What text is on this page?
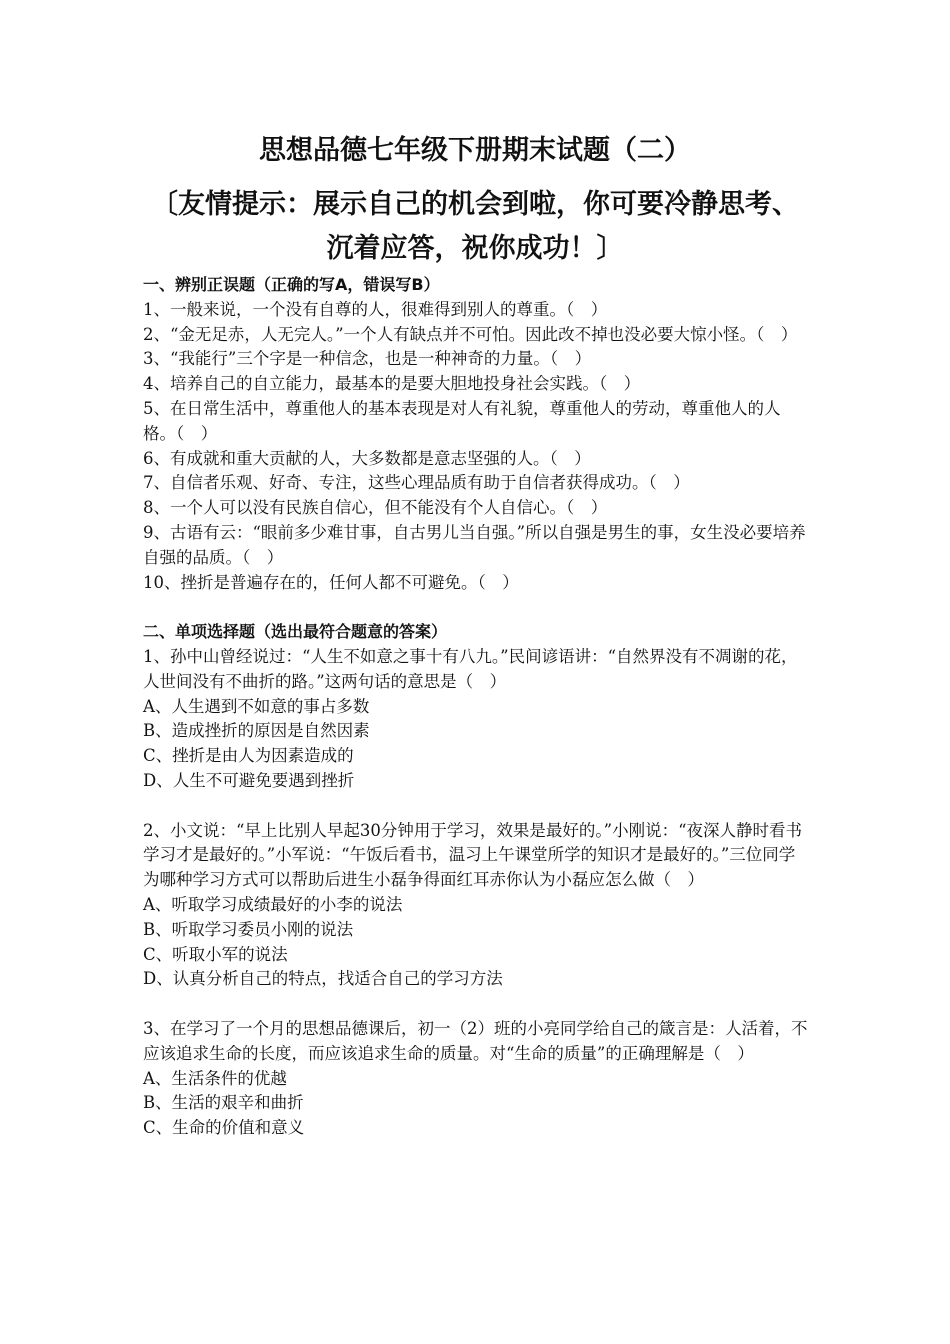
思想品德七年级下册期末试题（二）
〔友情提示：展示自己的机会到啦，你可要冷静思考、
沉着应答，祝你成功！〕

一、辨别正误题（正确的写A，错误写B）

1、一般来说，一个没有自尊的人，很难得到别人的尊重。（　）

2、“金无足赤，人无完人。”一个人有缺点并不可怕。因此改不掉也没必要大惊小怪。（　）

3、“我能行”三个字是一种信念，也是一种神奇的力量。（　）

4、培养自己的自立能力，最基本的是要大胆地投身社会实践。（　）

5、在日常生活中，尊重他人的基本表现是对人有礼貌，尊重他人的劳动，尊重他人的人格。（　）

6、有成就和重大贡献的人，大多数都是意志坚强的人。（　）

7、自信者乐观、好奇、专注，这些心理品质有助于自信者获得成功。（　）

8、一个人可以没有民族自信心，但不能没有个人自信心。（　）

9、古语有云：“眼前多少难甘事，自古男儿当自强。”所以自强是男生的事，女生没必要培养自强的品质。（　）

10、挫折是普遍存在的，任何人都不可避免。（　）

二、单项选择题（选出最符合题意的答案）

1、孙中山曾经说过：“人生不如意之事十有八九。”民间谚语讲：“自然界没有不凋谢的花，人世间没有不曲折的路。”这两句话的意思是（　）

A、人生遇到不如意的事占多数

B、造成挫折的原因是自然因素

C、挫折是由人为因素造成的

D、人生不可避免要遇到挫折

2、小文说：“早上比别人早起30分钟用于学习，效果是最好的。”小刚说：“夜深人静时看书学习才是最好的。”小军说：“午饭后看书，温习上午课堂所学的知识才是最好的。”三位同学为哪种学习方式可以帮助后进生小磊争得面红耳赤你认为小磊应怎么做（　）

A、听取学习成绩最好的小李的说法

B、听取学习委员小刚的说法

C、听取小军的说法

D、认真分析自己的特点，找适合自己的学习方法

3、在学习了一个月的思想品德课后，初一（2）班的小亮同学给自己的箴言是：人活着，不应该追求生命的长度，而应该追求生命的质量。对“生命的质量”的正确理解是（　）

A、生活条件的优越

B、生活的艰辛和曲折

C、生命的价值和意义
